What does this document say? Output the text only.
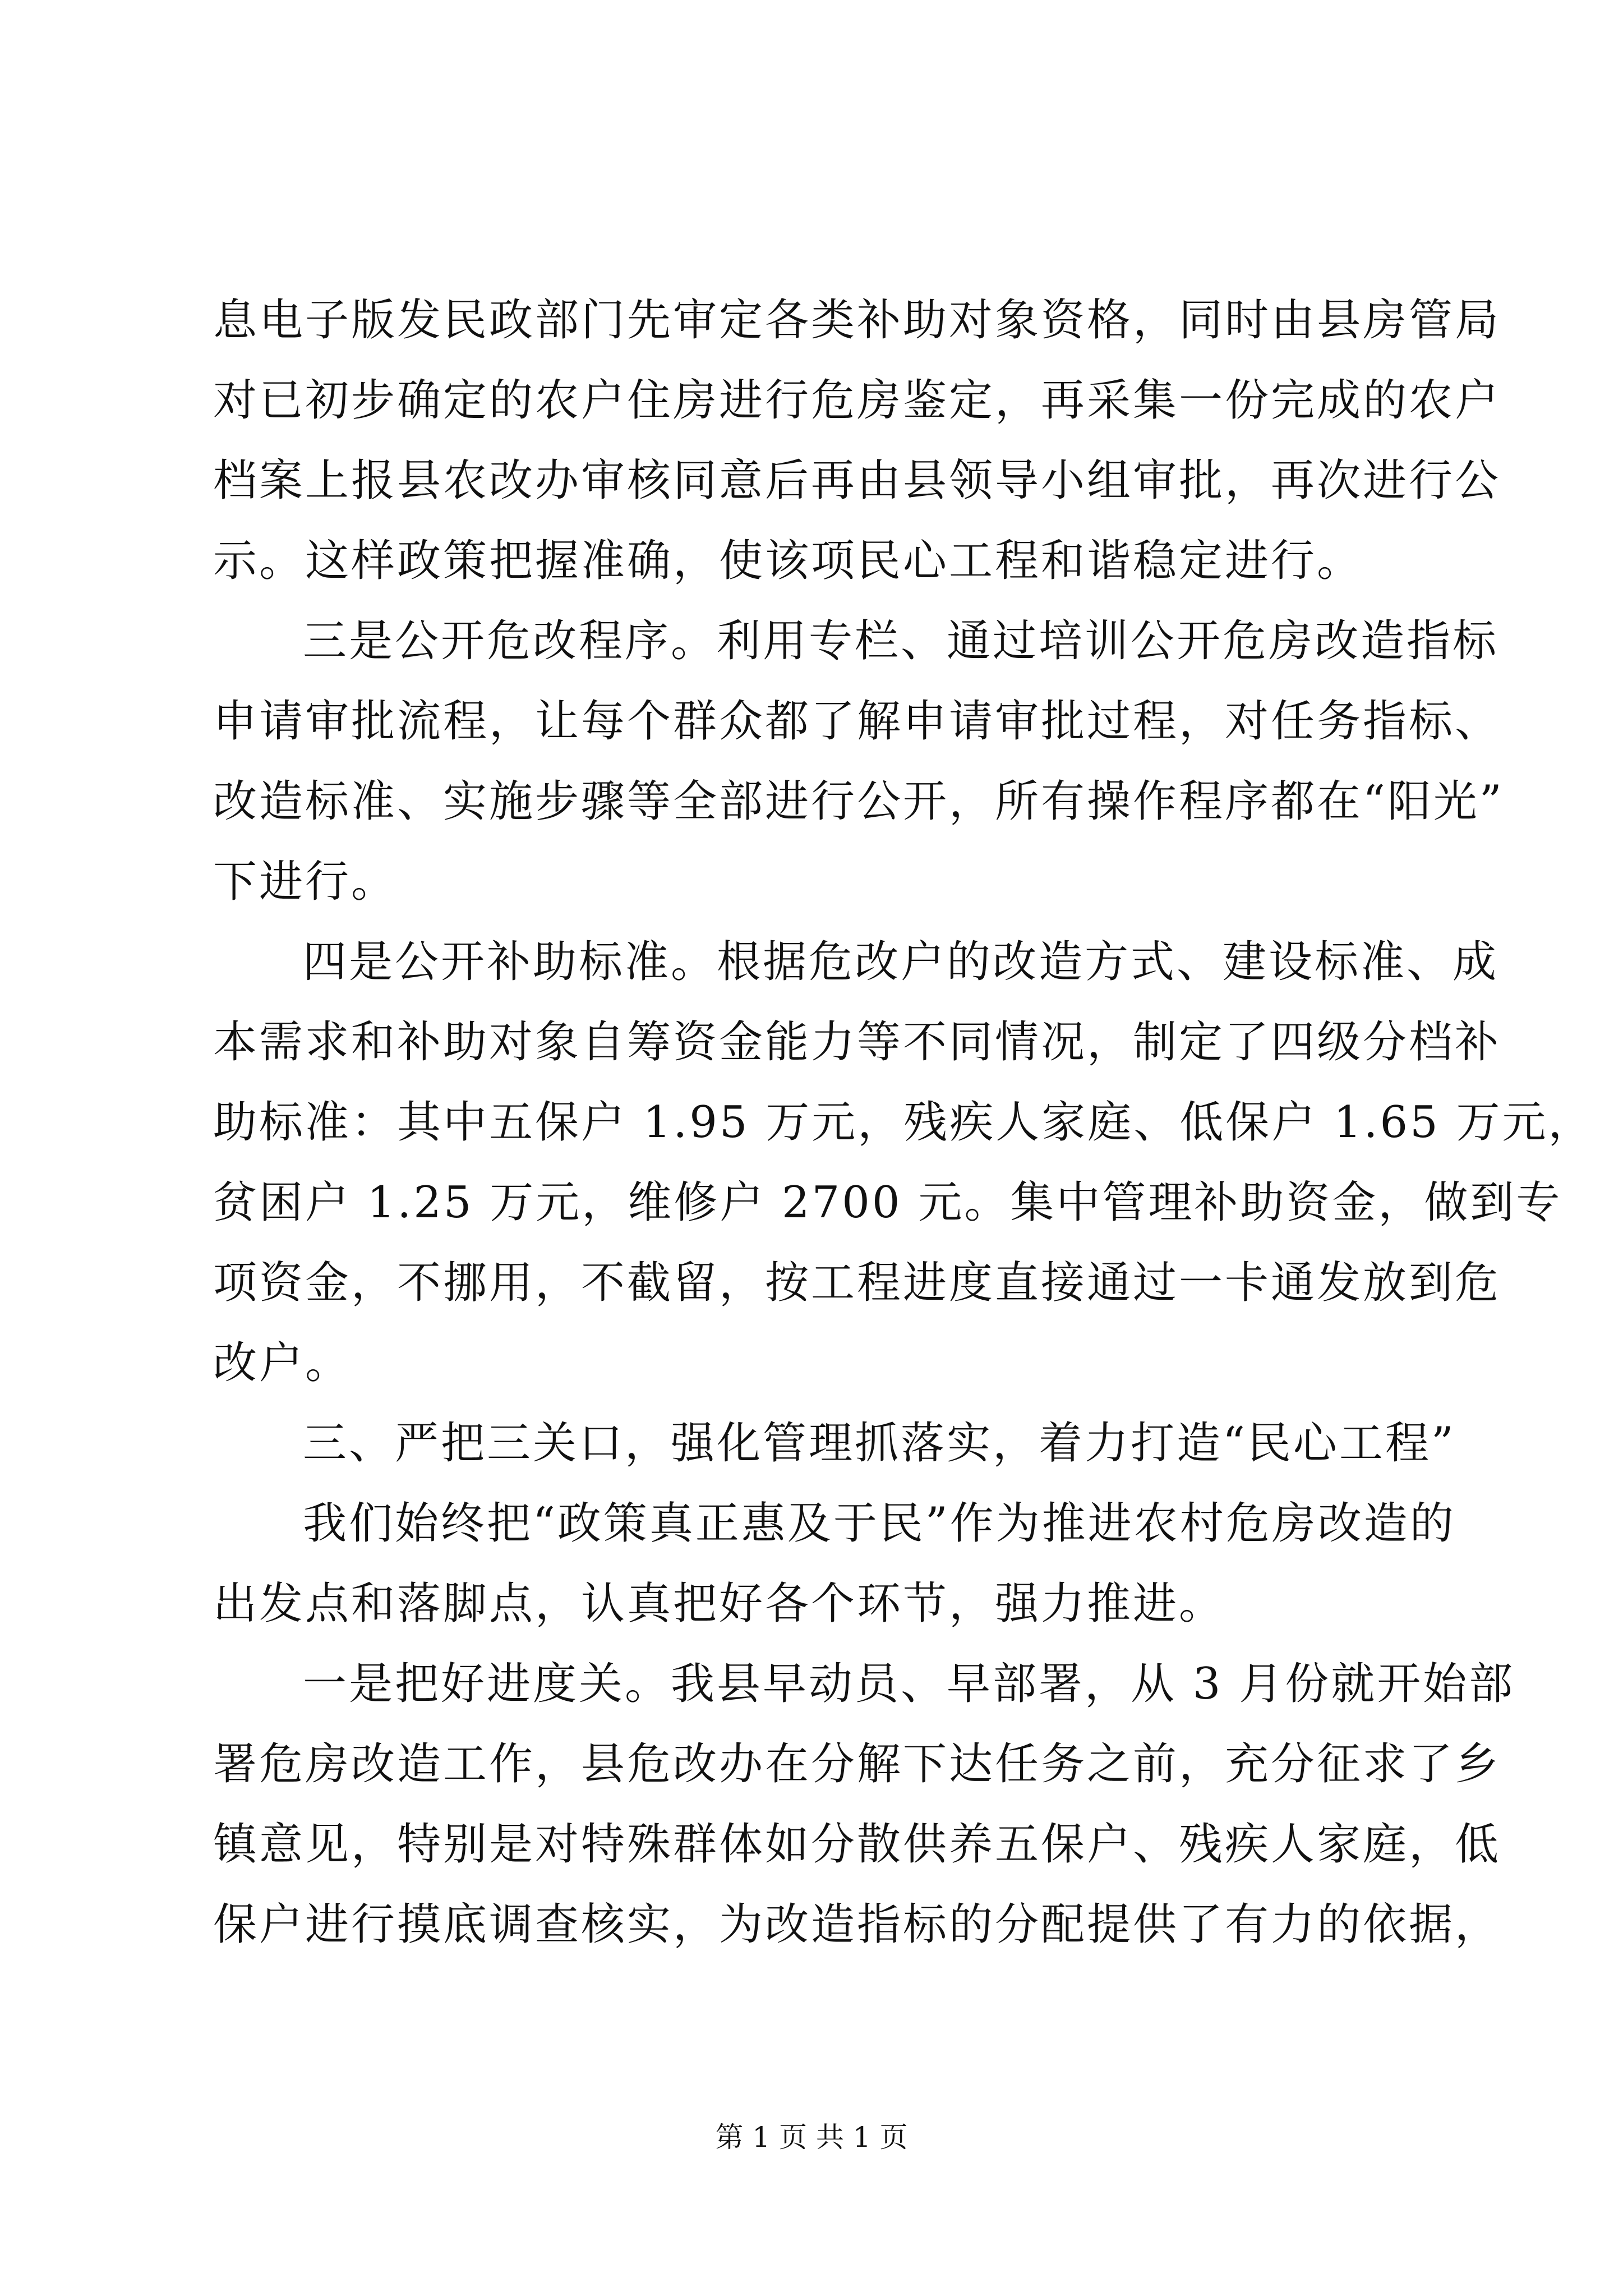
息电子版发民政部门先审定各类补助对象资格，同时由县房管局
对已初步确定的农户住房进行危房鉴定，再采集一份完成的农户
档案上报县农改办审核同意后再由县领导小组审批，再次进行公
示。这样政策把握准确，使该项民心工程和谐稳定进行。
三是公开危改程序。利用专栏、通过培训公开危房改造指标
申请审批流程，让每个群众都了解申请审批过程，对任务指标、
改造标准、实施步骤等全部进行公开，所有操作程序都在“阳光”
下进行。
四是公开补助标准。根据危改户的改造方式、建设标准、成
本需求和补助对象自筹资金能力等不同情况，制定了四级分档补
助标准：其中五保户 1.95 万元，残疾人家庭、低保户 1.65 万元，
贫困户 1.25 万元，维修户 2700 元。集中管理补助资金，做到专
项资金，不挪用，不截留，按工程进度直接通过一卡通发放到危
改户。
三、严把三关口，强化管理抓落实，着力打造“民心工程”
我们始终把“政策真正惠及于民”作为推进农村危房改造的
出发点和落脚点，认真把好各个环节，强力推进。
一是把好进度关。我县早动员、早部署，从 3 月份就开始部
署危房改造工作，县危改办在分解下达任务之前，充分征求了乡
镇意见，特别是对特殊群体如分散供养五保户、残疾人家庭，低
保户进行摸底调查核实，为改造指标的分配提供了有力的依据，
第 1 页 共 1 页
